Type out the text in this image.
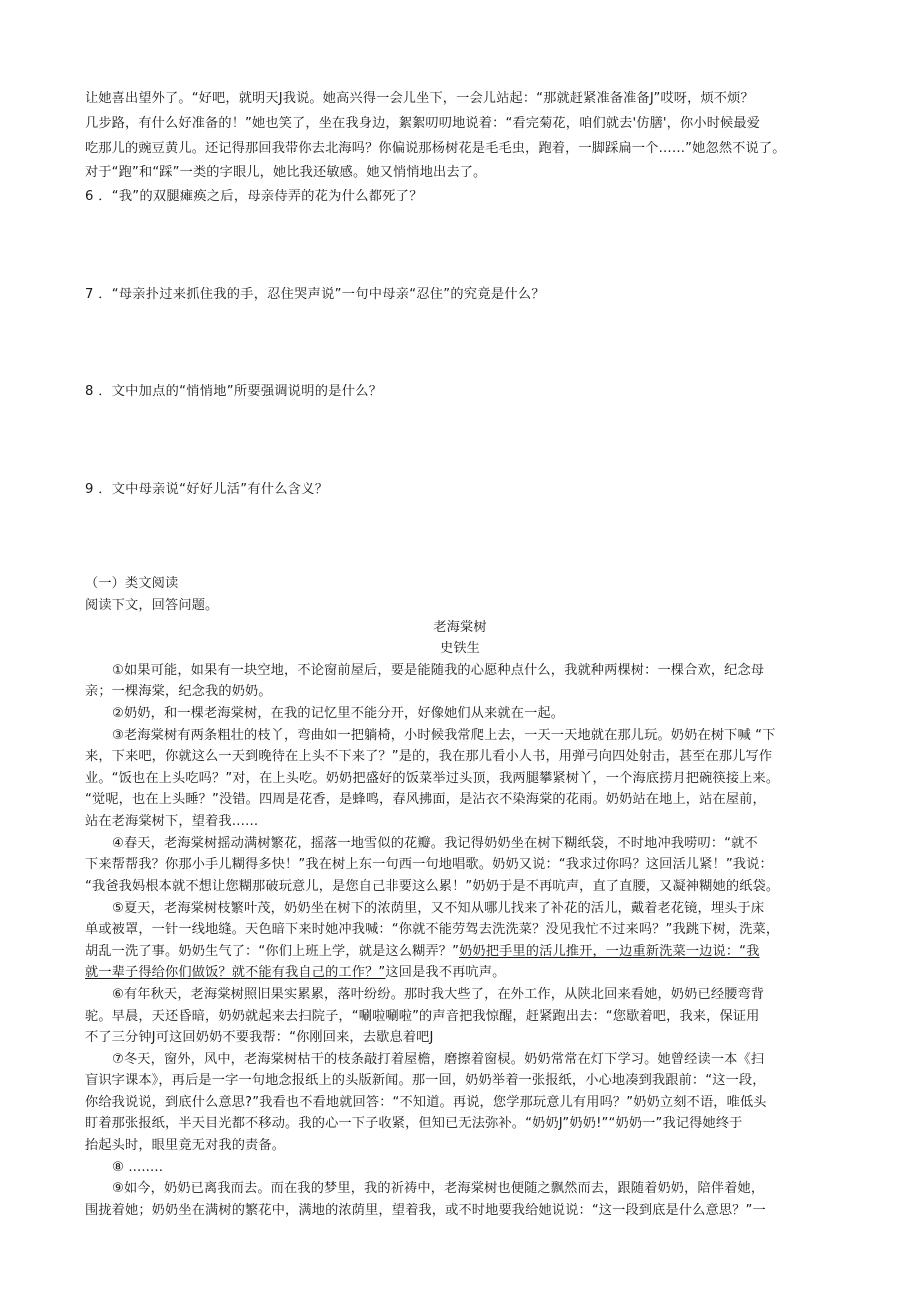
让她喜出望外了。“好吧，就明天J我说。她高兴得一会儿坐下，一会儿站起：“那就赶紧准备准备J”哎呀，烦不烦？
几步路，有什么好准备的！”她也笑了，坐在我身边，絮絮叨叨地说着：“看完菊花，咱们就去'仿膳'，你小时候最爱
吃那儿的豌豆黄儿。还记得那回我带你去北海吗？你偏说那杨树花是毛毛虫，跑着，一脚踩扁一个……”她忽然不说了。
对于“跑”和“踩”一类的字眼儿，她比我还敏感。她又悄悄地出去了。
6 ．“我”的双腿瘫痪之后，母亲侍弄的花为什么都死了？
7 ．“母亲扑过来抓住我的手，忍住哭声说”一句中母亲“忍住”的究竟是什么？
8 ．文中加点的“悄悄地”所要强调说明的是什么？
9 ．文中母亲说“好好儿活”有什么含义？
（一）类文阅读
阅读下文，回答问题。
老海棠树
史铁生
①如果可能，如果有一块空地，不论窗前屋后，要是能随我的心愿种点什么，我就种两棵树：一棵合欢，纪念母
亲；一棵海棠，纪念我的奶奶。
②奶奶，和一棵老海棠树，在我的记忆里不能分开，好像她们从来就在一起。
③老海棠树有两条粗壮的枝丫，弯曲如一把躺椅，小时候我常爬上去，一天一天地就在那儿玩。奶奶在树下喊 “下
来，下来吧，你就这么一天到晚待在上头不下来了？”是的，我在那儿看小人书，用弹弓向四处射击，甚至在那儿写作
业。“饭也在上头吃吗？”对，在上头吃。奶奶把盛好的饭菜举过头顶，我两腿攀紧树丫，一个海底捞月把碗筷接上来。
“觉呢，也在上头睡？”没错。四周是花香，是蜂鸣，春风拂面，是沾衣不染海棠的花雨。奶奶站在地上，站在屋前，
站在老海棠树下，望着我……
④春天，老海棠树摇动满树繁花，摇落一地雪似的花瓣。我记得奶奶坐在树下糊纸袋，不时地冲我唠叨：“就不
下来帮帮我？你那小手儿糊得多快！”我在树上东一句西一句地唱歌。奶奶又说：“我求过你吗？这回活儿紧！”我说：
“我爸我妈根本就不想让您糊那破玩意儿，是您自己非要这么累！”奶奶于是不再吭声，直了直腰，又凝神糊她的纸袋。
⑤夏天，老海棠树枝繁叶茂，奶奶坐在树下的浓荫里，又不知从哪儿找来了补花的活儿，戴着老花镜，埋头于床
单或被罩，一针一线地缝。天色暗下来时她冲我喊：“你就不能劳驾去洗洗菜？没见我忙不过来吗？”我跳下树，洗菜，
胡乱一洗了事。奶奶生气了：“你们上班上学，就是这么糊弄？”奶奶把手里的活儿推开，一边重新洗菜一边说：“我
就一辈子得给你们做饭？就不能有我自己的工作？”这回是我不再吭声。
⑥有年秋天，老海棠树照旧果实累累，落叶纷纷。那时我大些了，在外工作，从陕北回来看她，奶奶已经腰弯背
驼。早晨，天还昏暗，奶奶就起来去扫院子，“唰啦唰啦”的声音把我惊醒，赶紧跑出去：“您歇着吧，我来，保证用
不了三分钟J可这回奶奶不要我帮：“你刚回来，去歇息着吧J
⑦冬天，窗外，风中，老海棠树枯干的枝条敲打着屋檐，磨擦着窗棂。奶奶常常在灯下学习。她曾经读一本《扫
盲识字课本》，再后是一字一句地念报纸上的头版新闻。那一回，奶奶举着一张报纸，小心地凑到我跟前：“这一段，
你给我说说，到底什么意思?”我看也不看地就回答：“不知道。再说，您学那玩意儿有用吗？”奶奶立刻不语，唯低头
盯着那张报纸，半天目光都不移动。我的心一下子收紧，但知已无法弥补。“奶奶J”奶奶!”“奶奶一”我记得她终于
抬起头时，眼里竟无对我的责备。
⑧ ........
⑨如今，奶奶已离我而去。而在我的梦里，我的祈祷中，老海棠树也便随之飘然而去，跟随着奶奶，陪伴着她，
围拢着她；奶奶坐在满树的繁花中，满地的浓荫里，望着我，或不时地要我给她说说：“这一段到底是什么意思？”一
